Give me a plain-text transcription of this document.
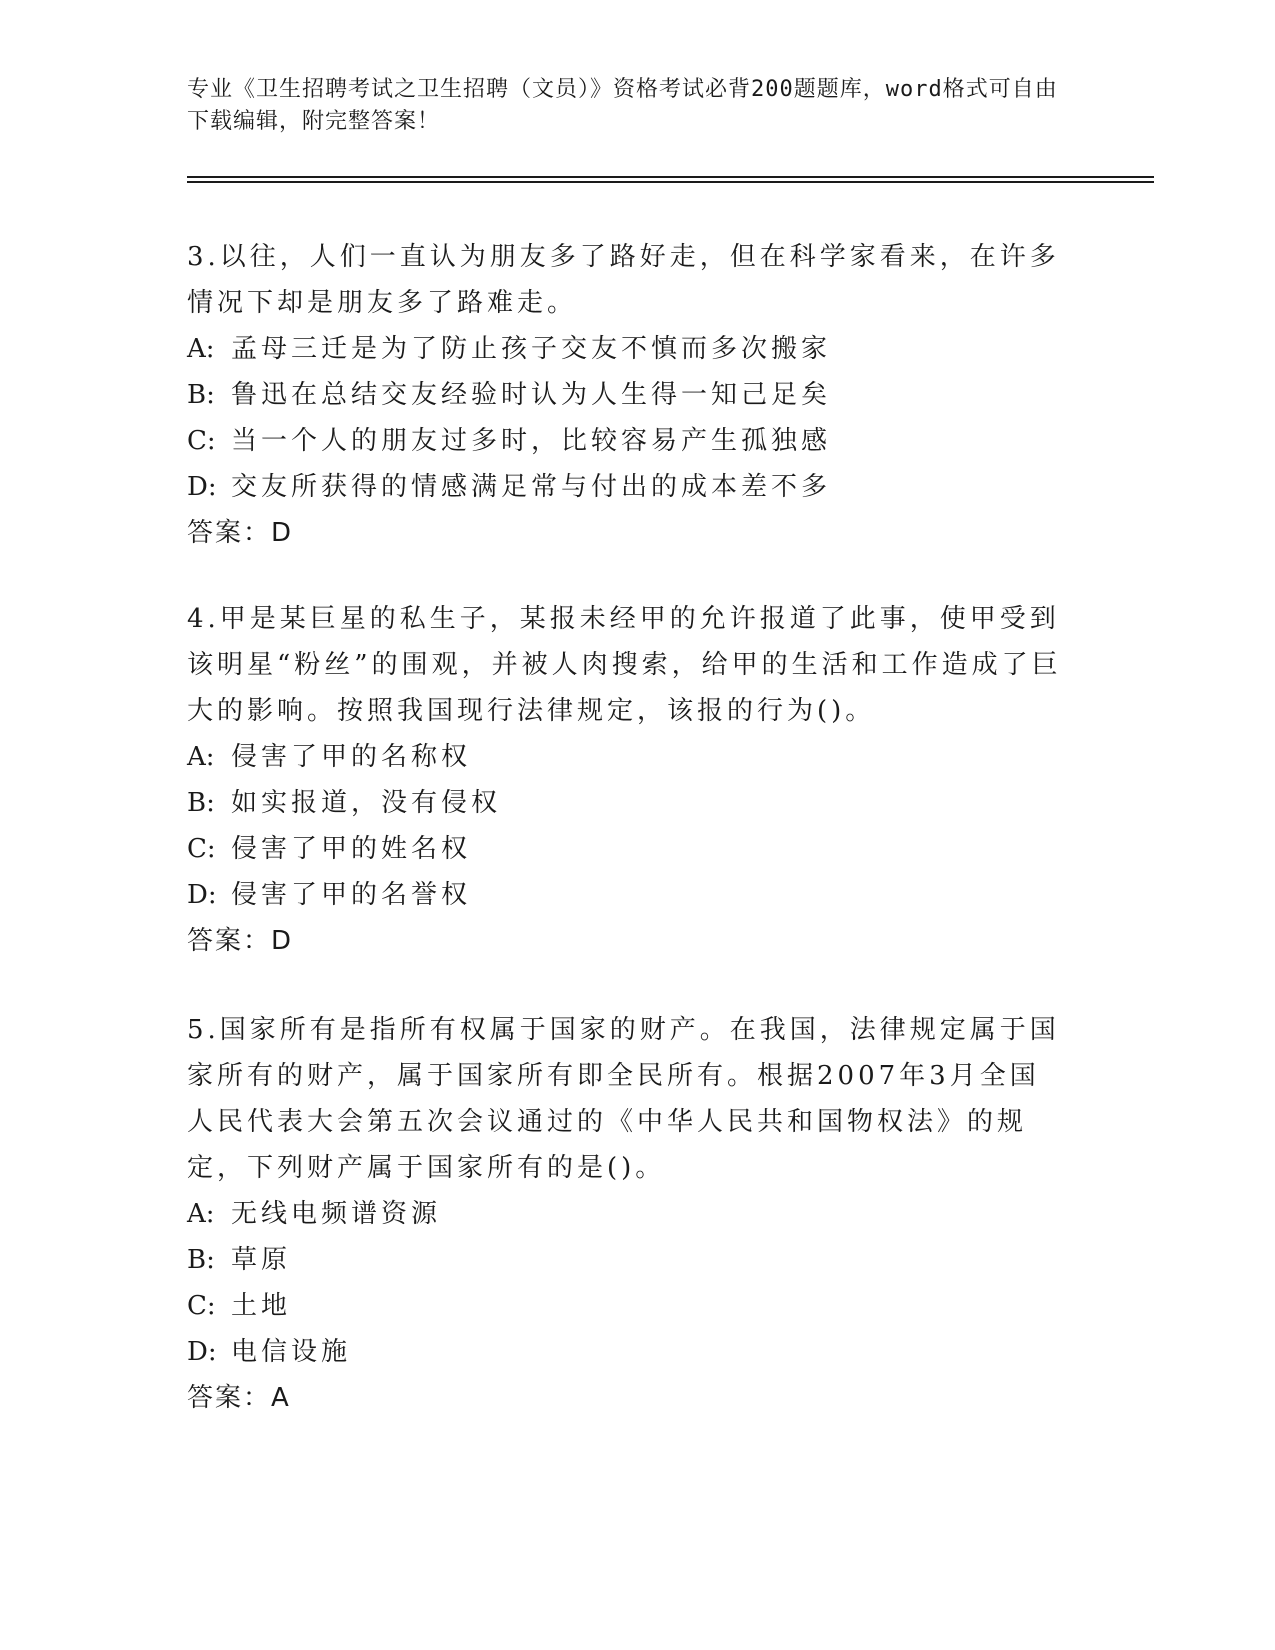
专业《卫生招聘考试之卫生招聘（文员）》资格考试必背200题题库，word格式可自由下载编辑，附完整答案！

3.以往，人们一直认为朋友多了路好走，但在科学家看来，在许多情况下却是朋友多了路难走。

A: 孟母三迁是为了防止孩子交友不慎而多次搬家

B: 鲁迅在总结交友经验时认为人生得一知己足矣

C: 当一个人的朋友过多时，比较容易产生孤独感

D: 交友所获得的情感满足常与付出的成本差不多

答案：D

4.甲是某巨星的私生子，某报未经甲的允许报道了此事，使甲受到该明星“粉丝”的围观，并被人肉搜索，给甲的生活和工作造成了巨大的影响。按照我国现行法律规定，该报的行为()。

A: 侵害了甲的名称权

B: 如实报道，没有侵权

C: 侵害了甲的姓名权

D: 侵害了甲的名誉权

答案：D

5.国家所有是指所有权属于国家的财产。在我国，法律规定属于国家所有的财产，属于国家所有即全民所有。根据2007年3月全国人民代表大会第五次会议通过的《中华人民共和国物权法》的规定，下列财产属于国家所有的是()。

A: 无线电频谱资源

B: 草原

C: 土地

D: 电信设施

答案：A
